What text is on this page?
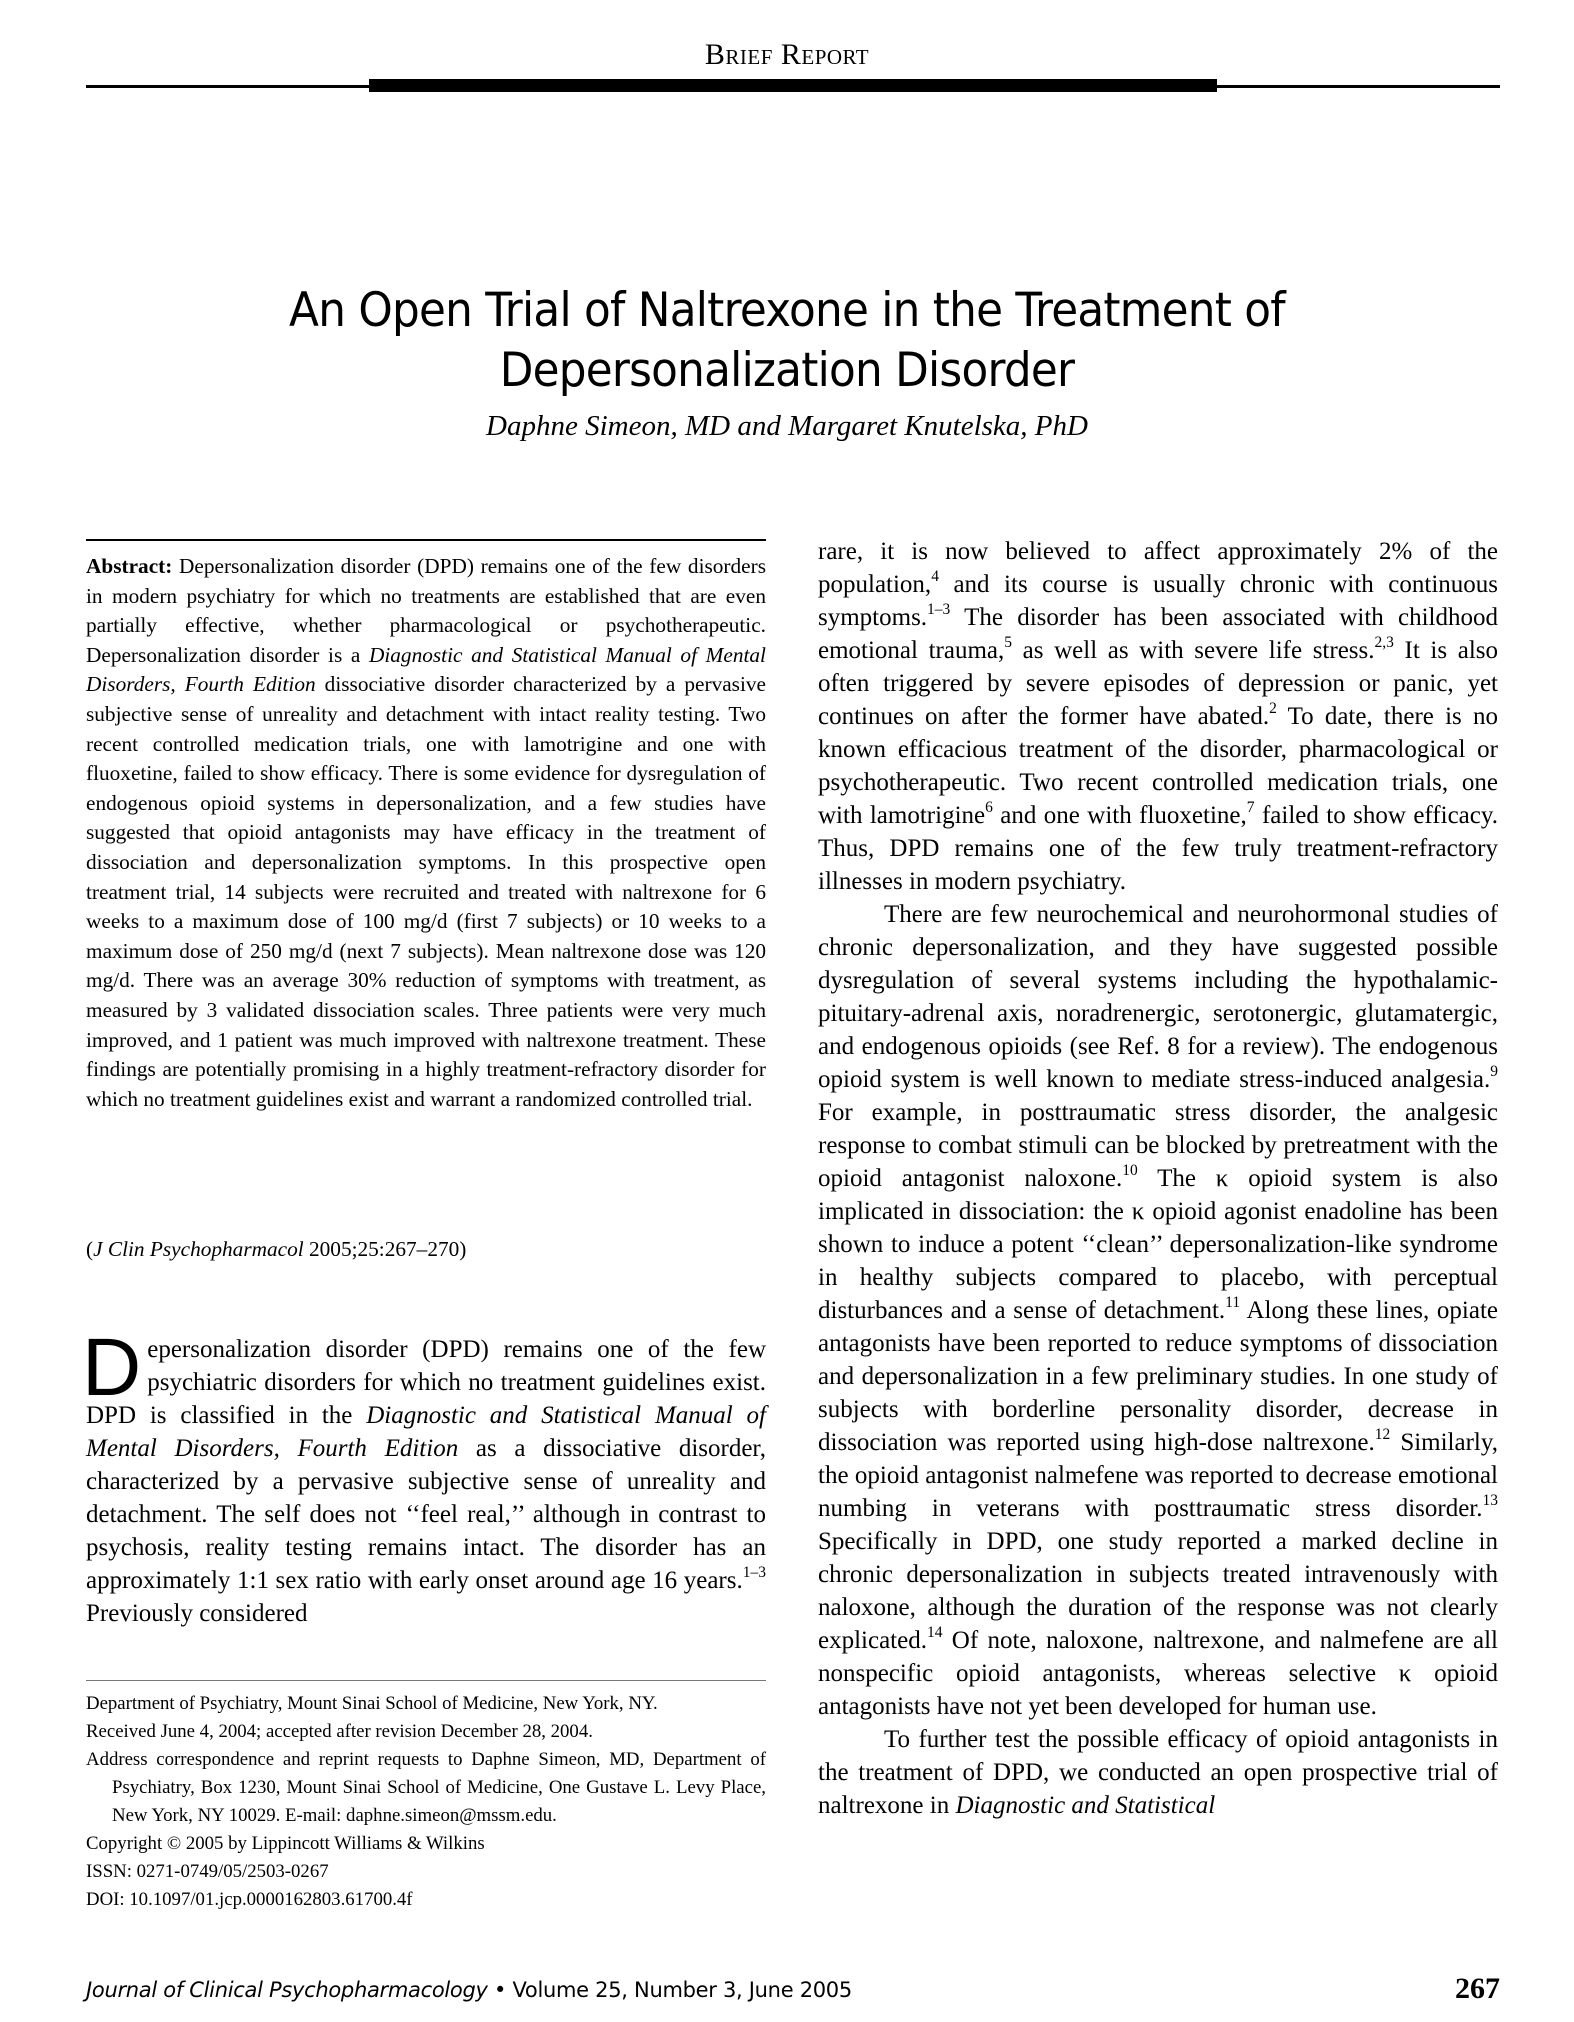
Brief Report
An Open Trial of Naltrexone in the Treatment of
Depersonalization Disorder
Daphne Simeon, MD and Margaret Knutelska, PhD
Abstract: Depersonalization disorder (DPD) remains one of the few disorders in modern psychiatry for which no treatments are established that are even partially effective, whether pharmacological or psychotherapeutic. Depersonalization disorder is a Diagnostic and Statistical Manual of Mental Disorders, Fourth Edition dissociative disorder characterized by a pervasive subjective sense of unreality and detachment with intact reality testing. Two recent controlled medication trials, one with lamotrigine and one with fluoxetine, failed to show efficacy. There is some evidence for dysregulation of endogenous opioid systems in depersonalization, and a few studies have suggested that opioid antagonists may have efficacy in the treatment of dissociation and depersonalization symptoms. In this prospective open treatment trial, 14 subjects were recruited and treated with naltrexone for 6 weeks to a maximum dose of 100 mg/d (first 7 subjects) or 10 weeks to a maximum dose of 250 mg/d (next 7 subjects). Mean naltrexone dose was 120 mg/d. There was an average 30% reduction of symptoms with treatment, as measured by 3 validated dissociation scales. Three patients were very much improved, and 1 patient was much improved with naltrexone treatment. These findings are potentially promising in a highly treatment-refractory disorder for which no treatment guidelines exist and warrant a randomized controlled trial.
(J Clin Psychopharmacol 2005;25:267–270)
Depersonalization disorder (DPD) remains one of the few psychiatric disorders for which no treatment guidelines exist. DPD is classified in the Diagnostic and Statistical Manual of Mental Disorders, Fourth Edition as a dissociative disorder, characterized by a pervasive subjective sense of unreality and detachment. The self does not ‘‘feel real,’’ although in contrast to psychosis, reality testing remains intact. The disorder has an approximately 1:1 sex ratio with early onset around age 16 years.$^{1-3}$ Previously considered

Department of Psychiatry, Mount Sinai School of Medicine, New York, NY.

Received June 4, 2004; accepted after revision December 28, 2004.

Address correspondence and reprint requests to Daphne Simeon, MD, Department of Psychiatry, Box 1230, Mount Sinai School of Medicine, One Gustave L. Levy Place, New York, NY 10029. E-mail: daphne.simeon@mssm.edu.

Copyright © 2005 by Lippincott Williams & Wilkins

ISSN: 0271-0749/05/2503-0267

DOI: 10.1097/01.jcp.0000162803.61700.4f

rare, it is now believed to affect approximately 2% of the population,$^4$ and its course is usually chronic with continuous symptoms.$^{1-3}$ The disorder has been associated with childhood emotional trauma,$^5$ as well as with severe life stress.$^{2,3}$ It is also often triggered by severe episodes of depression or panic, yet continues on after the former have abated.$^2$ To date, there is no known efficacious treatment of the disorder, pharmacological or psychotherapeutic. Two recent controlled medication trials, one with lamotrigine$^6$ and one with fluoxetine,$^7$ failed to show efficacy. Thus, DPD remains one of the few truly treatment-refractory illnesses in modern psychiatry.

There are few neurochemical and neurohormonal studies of chronic depersonalization, and they have suggested possible dysregulation of several systems including the hypothalamic-pituitary-adrenal axis, noradrenergic, serotonergic, glutamatergic, and endogenous opioids (see Ref. 8 for a review). The endogenous opioid system is well known to mediate stress-induced analgesia.$^9$ For example, in posttraumatic stress disorder, the analgesic response to combat stimuli can be blocked by pretreatment with the opioid antagonist naloxone.$^{10}$ The κ opioid system is also implicated in dissociation: the κ opioid agonist enadoline has been shown to induce a potent ‘‘clean’’ depersonalization-like syndrome in healthy subjects compared to placebo, with perceptual disturbances and a sense of detachment.$^{11}$ Along these lines, opiate antagonists have been reported to reduce symptoms of dissociation and depersonalization in a few preliminary studies. In one study of subjects with borderline personality disorder, decrease in dissociation was reported using high-dose naltrexone.$^{12}$ Similarly, the opioid antagonist nalmefene was reported to decrease emotional numbing in veterans with posttraumatic stress disorder.$^{13}$ Specifically in DPD, one study reported a marked decline in chronic depersonalization in subjects treated intravenously with naloxone, although the duration of the response was not clearly explicated.$^{14}$ Of note, naloxone, naltrexone, and nalmefene are all nonspecific opioid antagonists, whereas selective κ opioid antagonists have not yet been developed for human use.

To further test the possible efficacy of opioid antagonists in the treatment of DPD, we conducted an open prospective trial of naltrexone in Diagnostic and Statistical

Journal of Clinical Psychopharmacology • Volume 25, Number 3, June 2005	267
